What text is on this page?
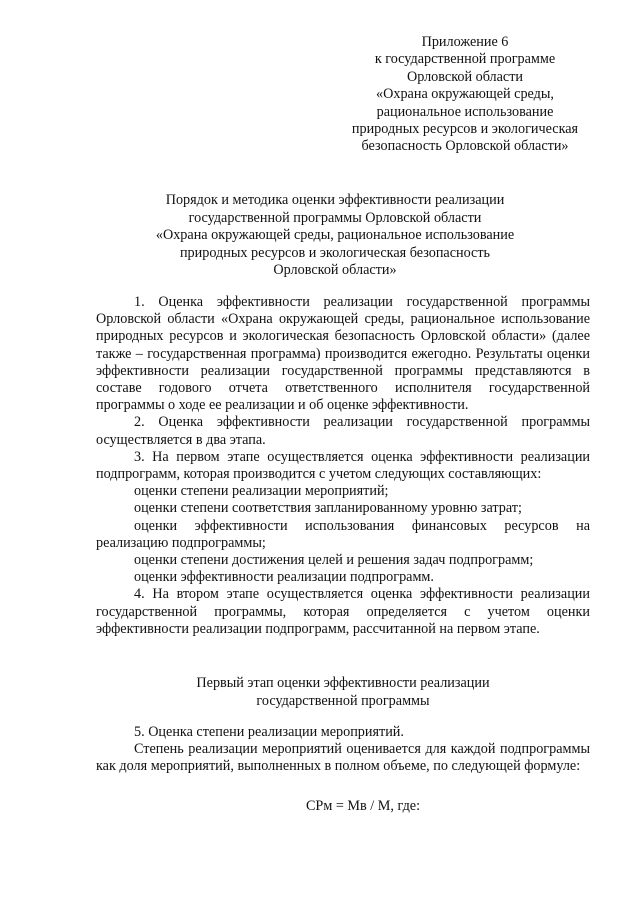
Приложение 6
к государственной программе
Орловской области
«Охрана окружающей среды,
рациональное использование
природных ресурсов и экологическая
безопасность Орловской области»
Порядок и методика оценки эффективности реализации
государственной программы Орловской области
«Охрана окружающей среды, рациональное использование
природных ресурсов и экологическая безопасность
Орловской области»

1. Оценка эффективности реализации государственной программы Орловской области «Охрана окружающей среды, рациональное использование природных ресурсов и экологическая безопасность Орловской области» (далее также – государственная программа) производится ежегодно. Результаты оценки эффективности реализации государственной программы представляются в составе годового отчета ответственного исполнителя государственной программы о ходе ее реализации и об оценке эффективности.

2. Оценка эффективности реализации государственной программы осуществляется в два этапа.

3. На первом этапе осуществляется оценка эффективности реализации подпрограмм, которая производится с учетом следующих составляющих:

оценки степени реализации мероприятий;

оценки степени соответствия запланированному уровню затрат;

оценки эффективности использования финансовых ресурсов на реализацию подпрограммы;

оценки степени достижения целей и решения задач подпрограмм;

оценки эффективности реализации подпрограмм.

4. На втором этапе осуществляется оценка эффективности реализации государственной программы, которая определяется с учетом оценки эффективности реализации подпрограмм, рассчитанной на первом этапе.

Первый этап оценки эффективности реализации
государственной программы

5. Оценка степени реализации мероприятий.

Степень реализации мероприятий оценивается для каждой подпрограммы как доля мероприятий, выполненных в полном объеме, по следующей формуле:

СРм = Мв / М, где:
